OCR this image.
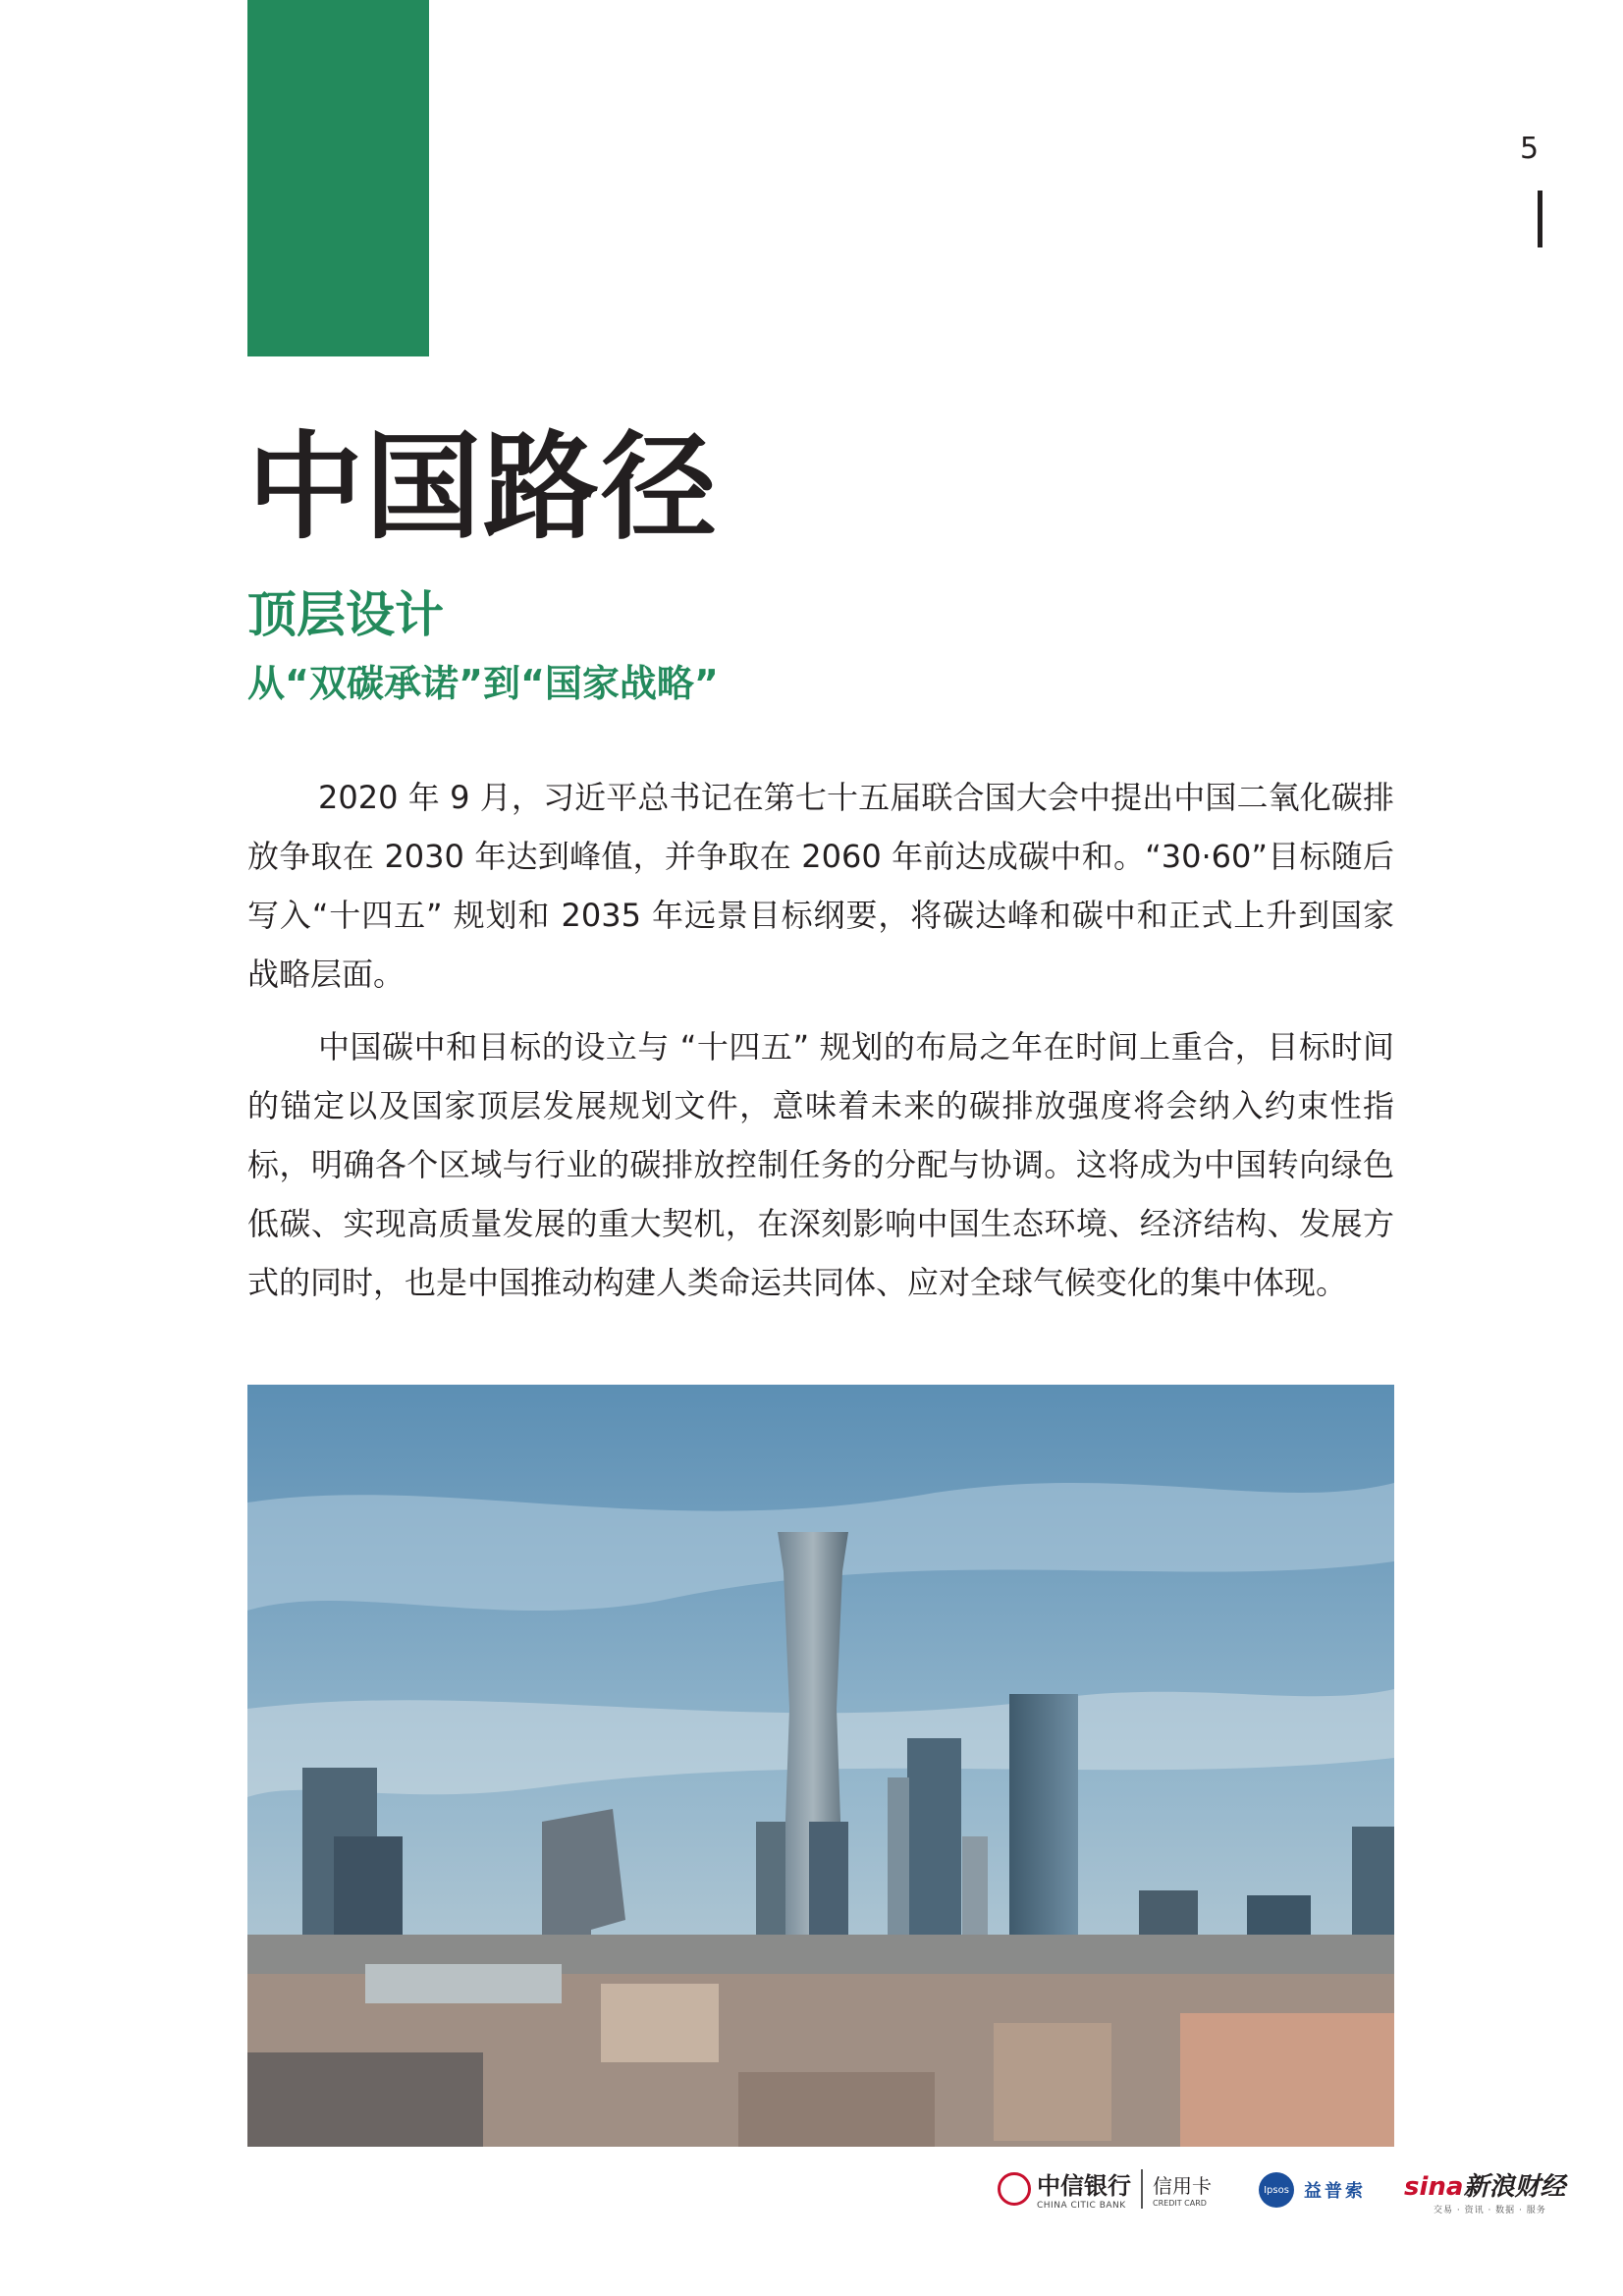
5
中国路径
顶层设计
从“双碳承诺”到“国家战略”

2020 年 9 月，习近平总书记在第七十五届联合国大会中提出中国二氧化碳排放争取在 2030 年达到峰值，并争取在 2060 年前达成碳中和。“30·60”目标随后写入“十四五” 规划和 2035 年远景目标纲要，将碳达峰和碳中和正式上升到国家战略层面。

中国碳中和目标的设立与 “十四五” 规划的布局之年在时间上重合，目标时间的锚定以及国家顶层发展规划文件，意味着未来的碳排放强度将会纳入约束性指标，明确各个区域与行业的碳排放控制任务的分配与协调。这将成为中国转向绿色低碳、实现高质量发展的重大契机，在深刻影响中国生态环境、经济结构、发展方式的同时，也是中国推动构建人类命运共同体、应对全球气候变化的集中体现。

中信银行
CHINA CITIC BANK
信用卡
CREDIT CARD
Ipsos 益普索 sina新浪财经
交易 · 资讯 · 数据 · 服务
